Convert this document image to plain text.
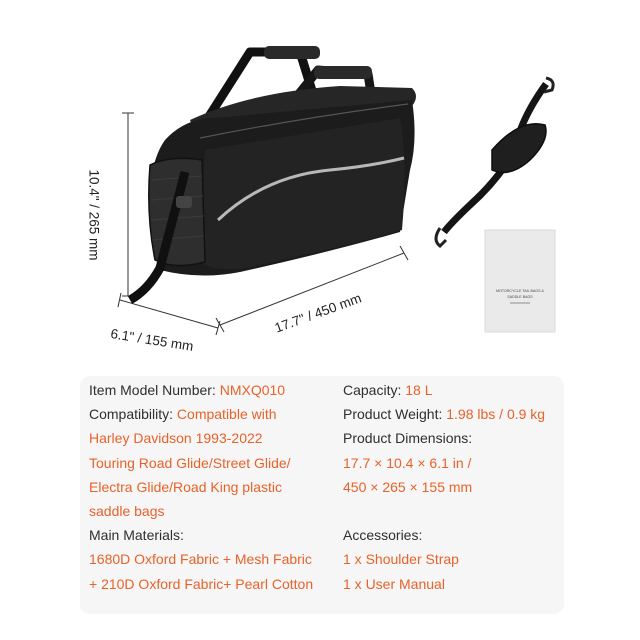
MOTORCYCLE TAIL BAGS &
SADDLE BAGS
10.4" / 265 mm
17.7" / 450 mm
6.1" / 155 mm
Item Model Number: NMXQ010
Compatibility: Compatible with
Harley Davidson 1993-2022
Touring Road Glide/Street Glide/
Electra Glide/Road King plastic
saddle bags
Main Materials:
1680D Oxford Fabric + Mesh Fabric
+ 210D Oxford Fabric+ Pearl Cotton
Capacity: 18 L
Product Weight: 1.98 lbs / 0.9 kg
Product Dimensions:
17.7 × 10.4 × 6.1 in /
450 × 265 × 155 mm

Accessories:
1 x Shoulder Strap
1 x User Manual
